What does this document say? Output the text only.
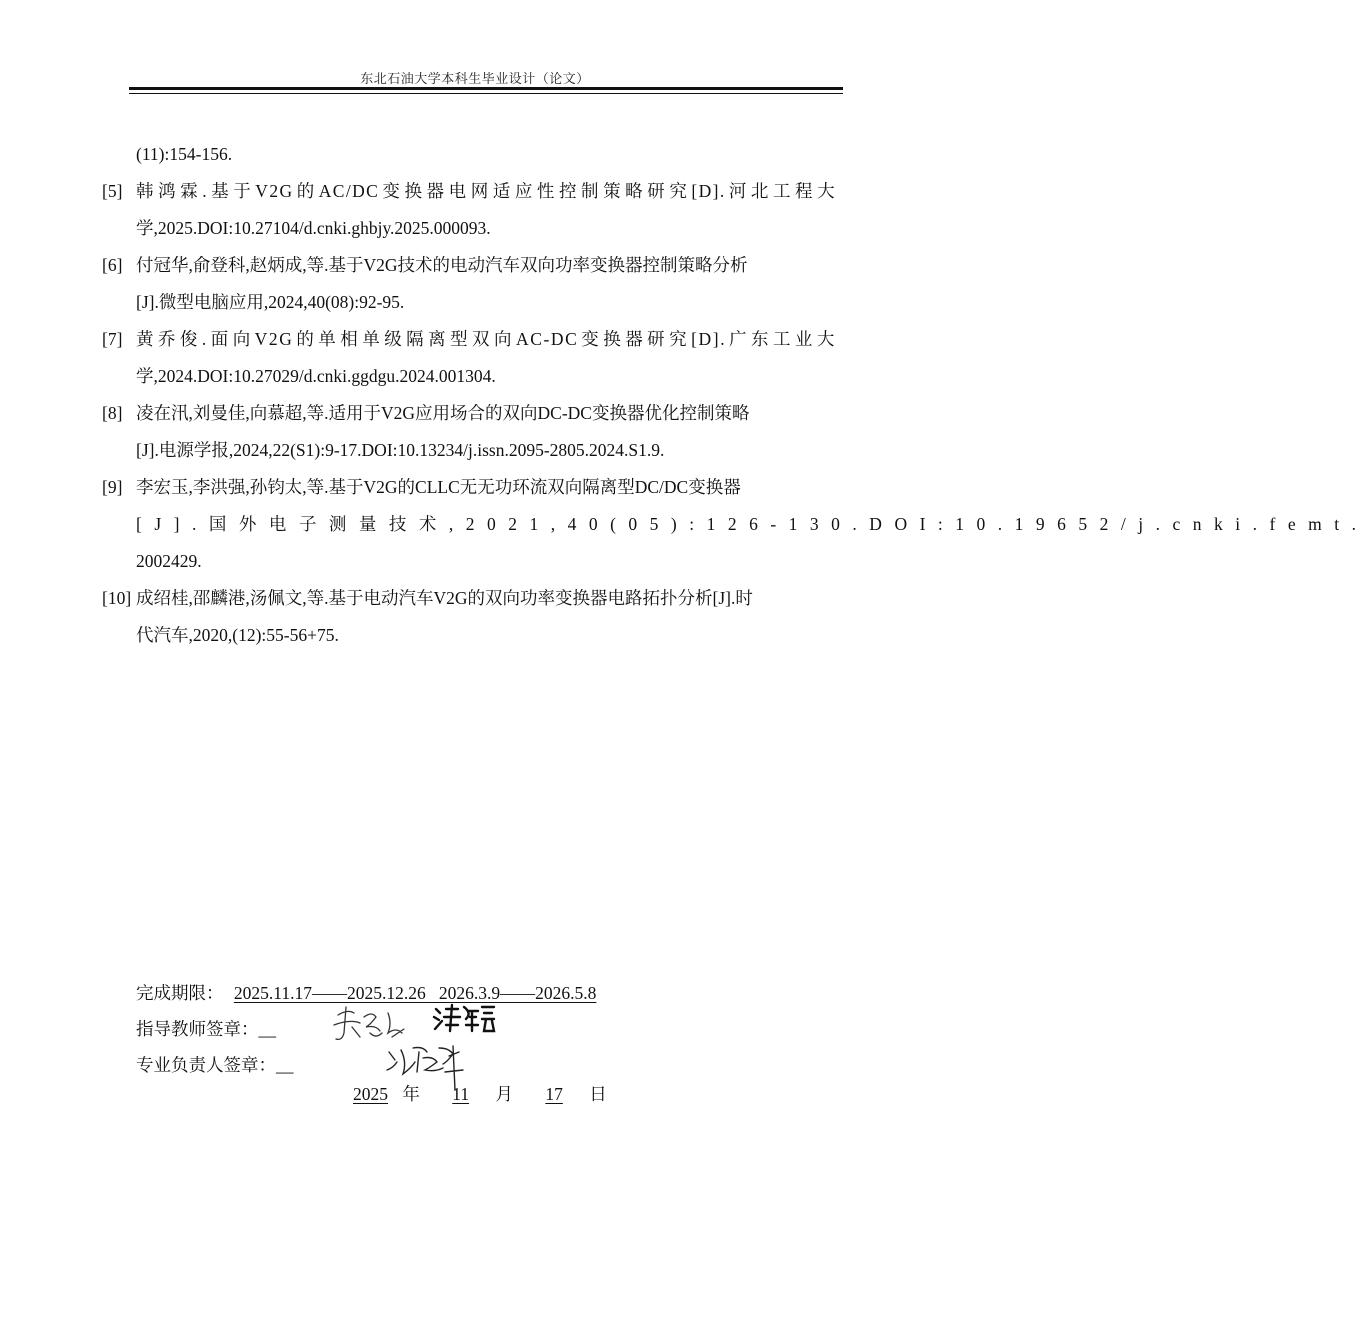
东北石油大学本科生毕业设计（论文）
(11):154-156.
[5] 韩鸿霖.基于V2G的AC/DC变换器电网适应性控制策略研究[D].河北工程大
学,2025.DOI:10.27104/d.cnki.ghbjy.2025.000093.
[6] 付冠华,俞登科,赵炳成,等.基于V2G技术的电动汽车双向功率变换器控制策略分析
[J].微型电脑应用,2024,40(08):92-95.
[7] 黄乔俊.面向V2G的单相单级隔离型双向AC-DC变换器研究[D].广东工业大
学,2024.DOI:10.27029/d.cnki.ggdgu.2024.001304.
[8] 凌在汛,刘曼佳,向慕超,等.适用于V2G应用场合的双向DC-DC变换器优化控制策略
[J].电源学报,2024,22(S1):9-17.DOI:10.13234/j.issn.2095-2805.2024.S1.9.
[9] 李宏玉,李洪强,孙钧太,等.基于V2G的CLLC无无功环流双向隔离型DC/DC变换器
[J].国外电子测量技术,2021,40(05):126-130.DOI:10.19652/j.cnki.femt.
2002429.
[10] 成绍桂,邵麟港,汤佩文,等.基于电动汽车V2G的双向功率变换器电路拓扑分析[J].时
代汽车,2020,(12):55-56+75.
完成期限： 2025.11.17——2025.12.26   2026.3.9——2026.5.8
指导教师签章：__
专业负责人签章：__
2025 年 11 月 17 日
